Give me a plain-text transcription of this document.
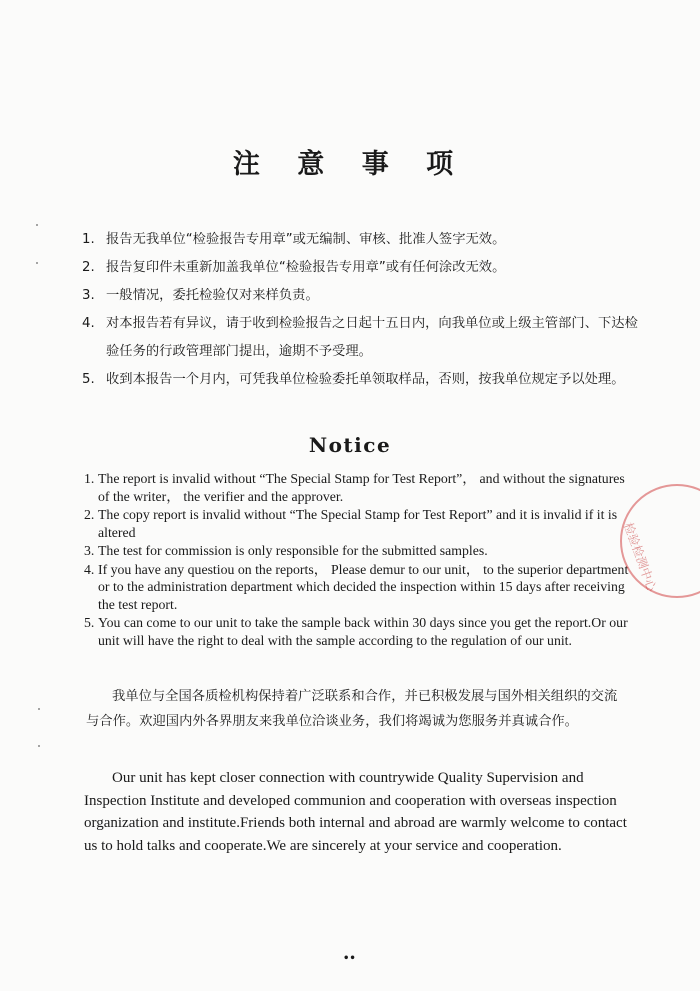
注 意 事 项
1. 报告无我单位“检验报告专用章”或无编制、审核、批准人签字无效。
2. 报告复印件未重新加盖我单位“检验报告专用章”或有任何涂改无效。
3. 一般情况，委托检验仅对来样负责。
4. 对本报告若有异议，请于收到检验报告之日起十五日内，向我单位或上级主管部门、下达检验任务的行政管理部门提出，逾期不予受理。
5. 收到本报告一个月内，可凭我单位检验委托单领取样品，否则，按我单位规定予以处理。
Notice
1. The report is invalid without “The Special Stamp for Test Report”， and without the signatures of the writer， the verifier and the approver.
2. The copy report is invalid without “The Special Stamp for Test Report” and it is invalid if it is altered
3. The test for commission is only responsible for the submitted samples.
4. If you have any questiou on the reports， Please demur to our unit， to the superior department or to the administration department which decided the inspection within 15 days after receiving the test report.
5. You can come to our unit to take the sample back within 30 days since you get the report.Or our unit will have the right to deal with the sample according to the regulation of our unit.
我单位与全国各质检机构保持着广泛联系和合作，并已积极发展与国外相关组织的交流与合作。欢迎国内外各界朋友来我单位洽谈业务，我们将竭诚为您服务并真诚合作。
Our unit has kept closer connection with countrywide Quality Supervision and Inspection Institute and developed communion and cooperation with overseas inspection organization and institute.Friends both internal and abroad are warmly welcome to contact us to hold talks and cooperate.We are sincerely at your service and cooperation.
••
检验检测中心
